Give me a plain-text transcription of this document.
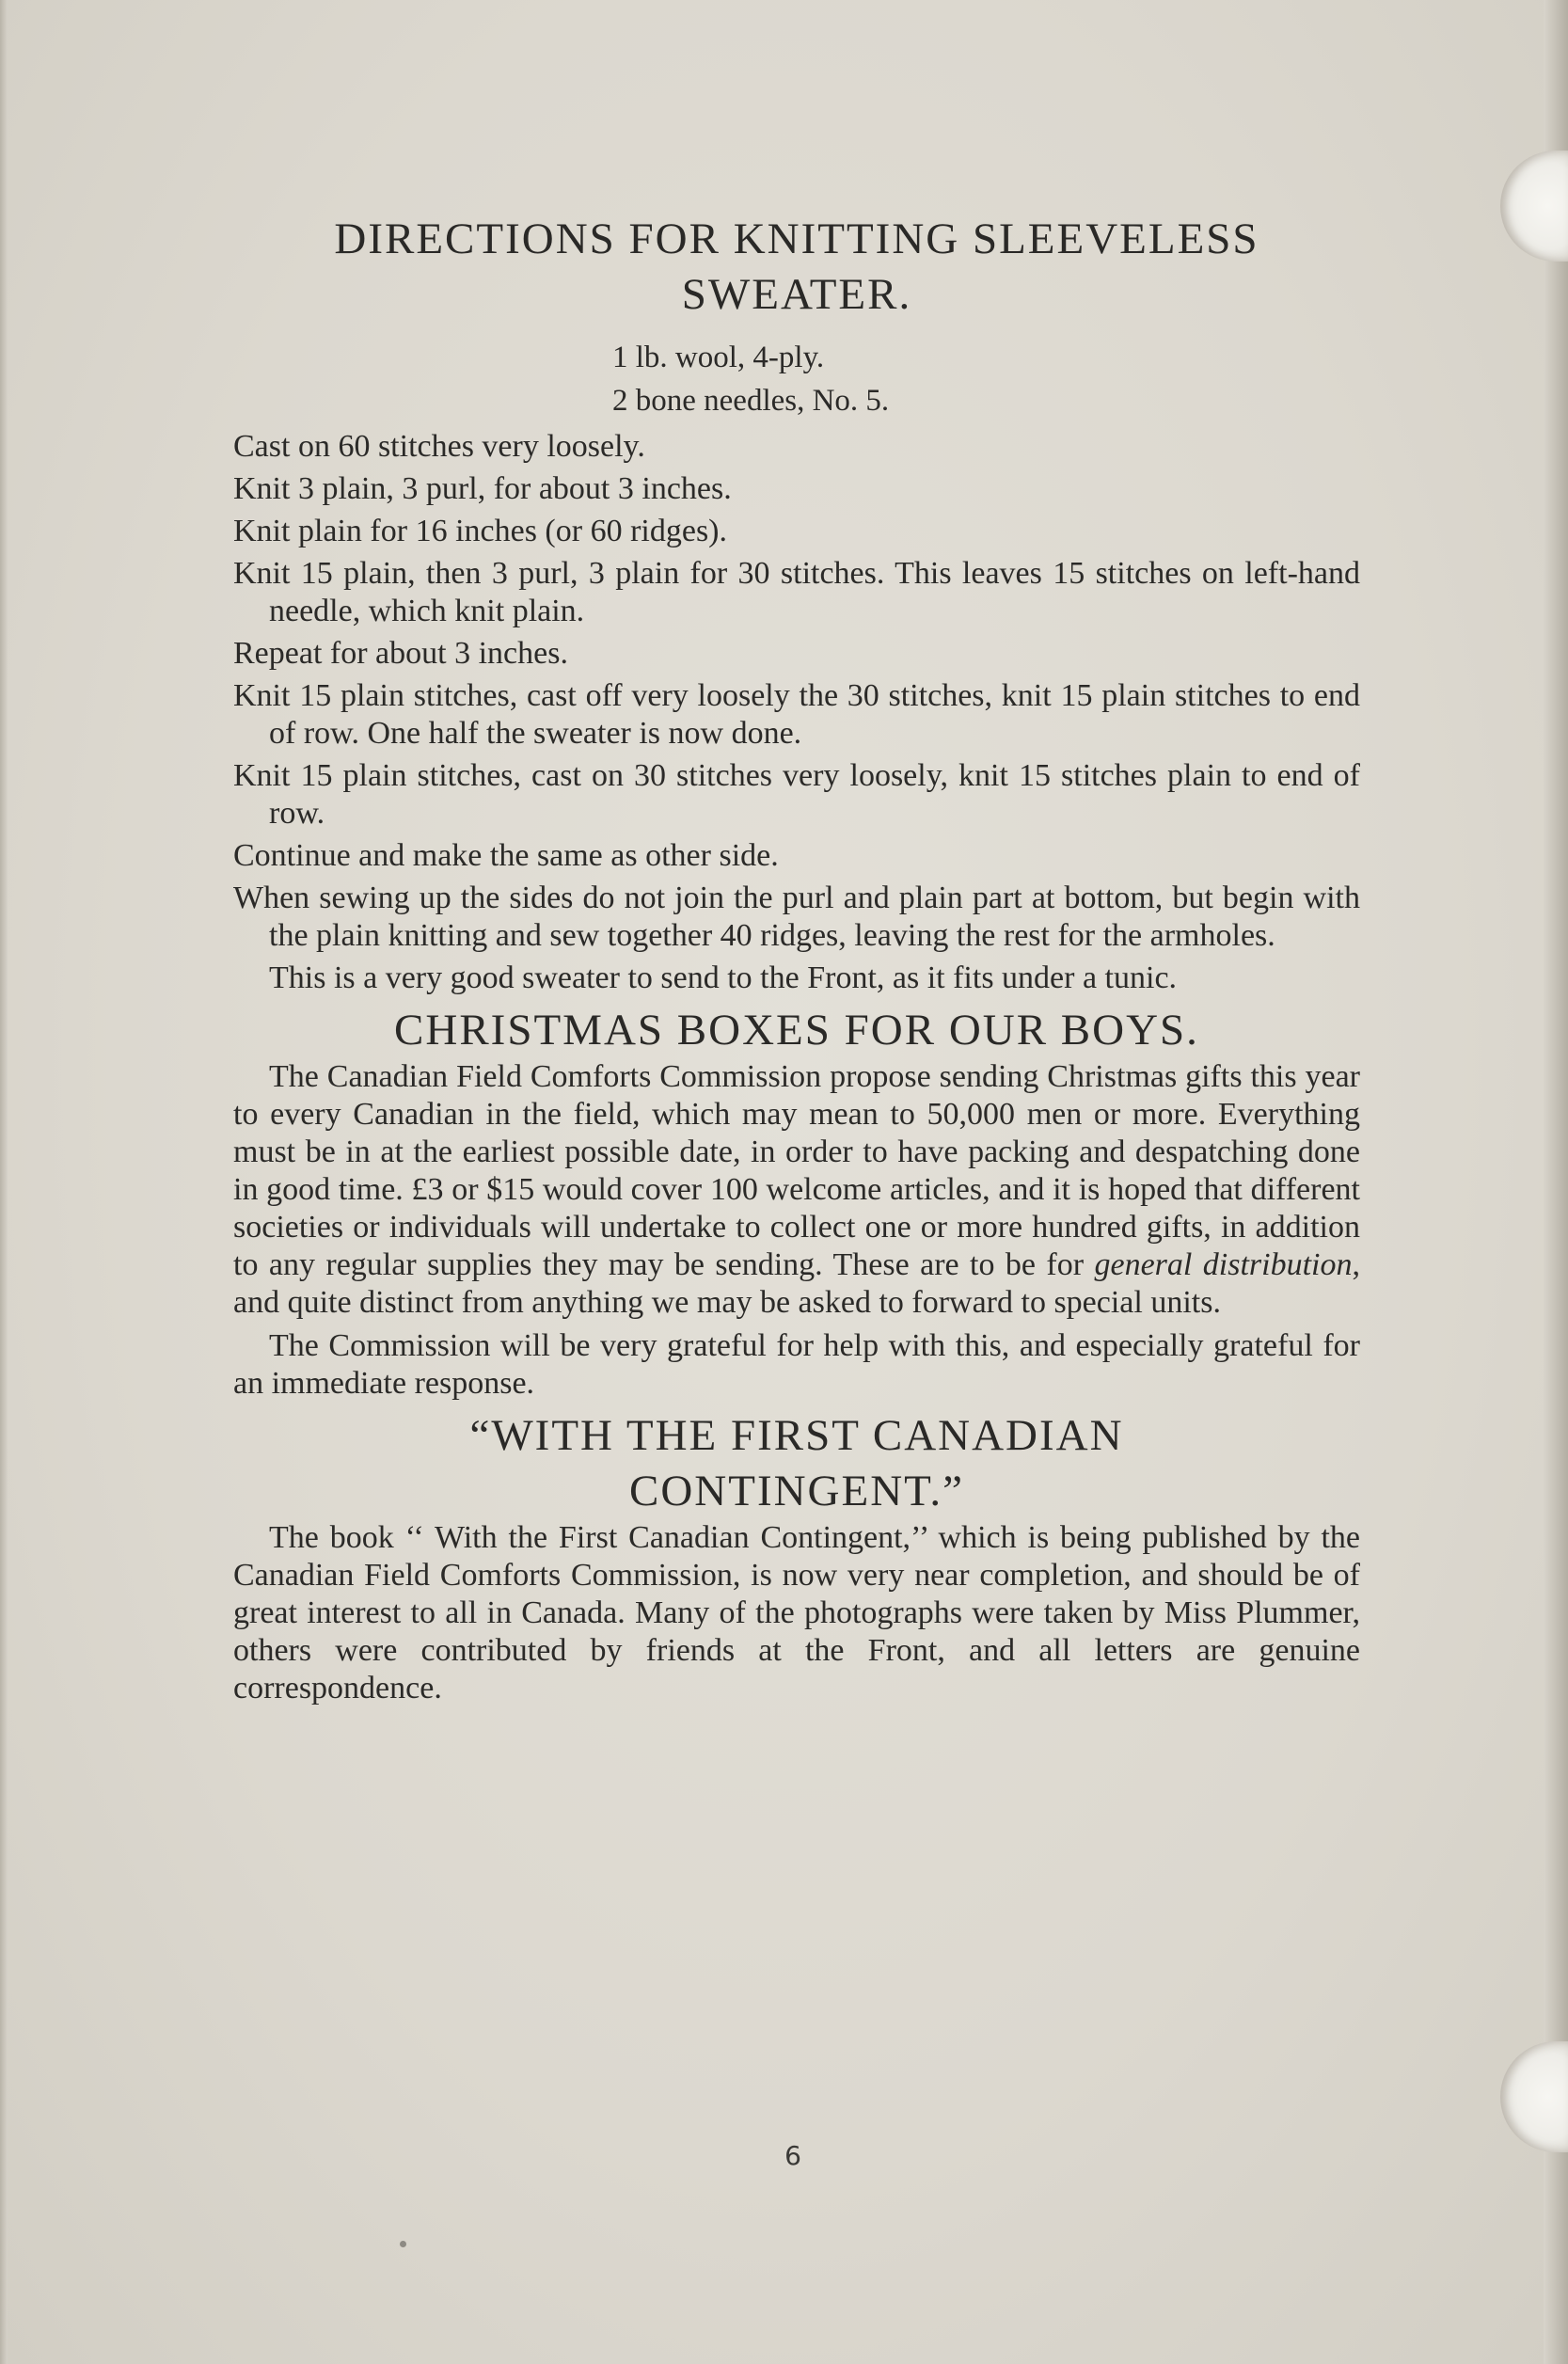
DIRECTIONS FOR KNITTING SLEEVELESS
SWEATER.
1 lb. wool, 4-ply.
2 bone needles, No. 5.

Cast on 60 stitches very loosely.

Knit 3 plain, 3 purl, for about 3 inches.

Knit plain for 16 inches (or 60 ridges).

Knit 15 plain, then 3 purl, 3 plain for 30 stitches. This leaves 15 stitches on left-hand needle, which knit plain.

Repeat for about 3 inches.

Knit 15 plain stitches, cast off very loosely the 30 stitches, knit 15 plain stitches to end of row. One half the sweater is now done.

Knit 15 plain stitches, cast on 30 stitches very loosely, knit 15 stitches plain to end of row.

Continue and make the same as other side.

When sewing up the sides do not join the purl and plain part at bottom, but begin with the plain knitting and sew together 40 ridges, leaving the rest for the armholes.

This is a very good sweater to send to the Front, as it fits under a tunic.

CHRISTMAS BOXES FOR OUR BOYS.

The Canadian Field Comforts Commission propose sending Christmas gifts this year to every Canadian in the field, which may mean to 50,000 men or more. Everything must be in at the earliest possible date, in order to have packing and despatching done in good time. £3 or $15 would cover 100 welcome articles, and it is hoped that different societies or individuals will undertake to collect one or more hundred gifts, in addition to any regular supplies they may be sending. These are to be for general distribution, and quite distinct from anything we may be asked to forward to special units.

The Commission will be very grateful for help with this, and especially grateful for an immediate response.

“WITH THE FIRST CANADIAN
CONTINGENT.”

The book ‘‘ With the First Canadian Contingent,’’ which is being published by the Canadian Field Comforts Commission, is now very near completion, and should be of great interest to all in Canada. Many of the photographs were taken by Miss Plummer, others were contributed by friends at the Front, and all letters are genuine correspondence.

6
